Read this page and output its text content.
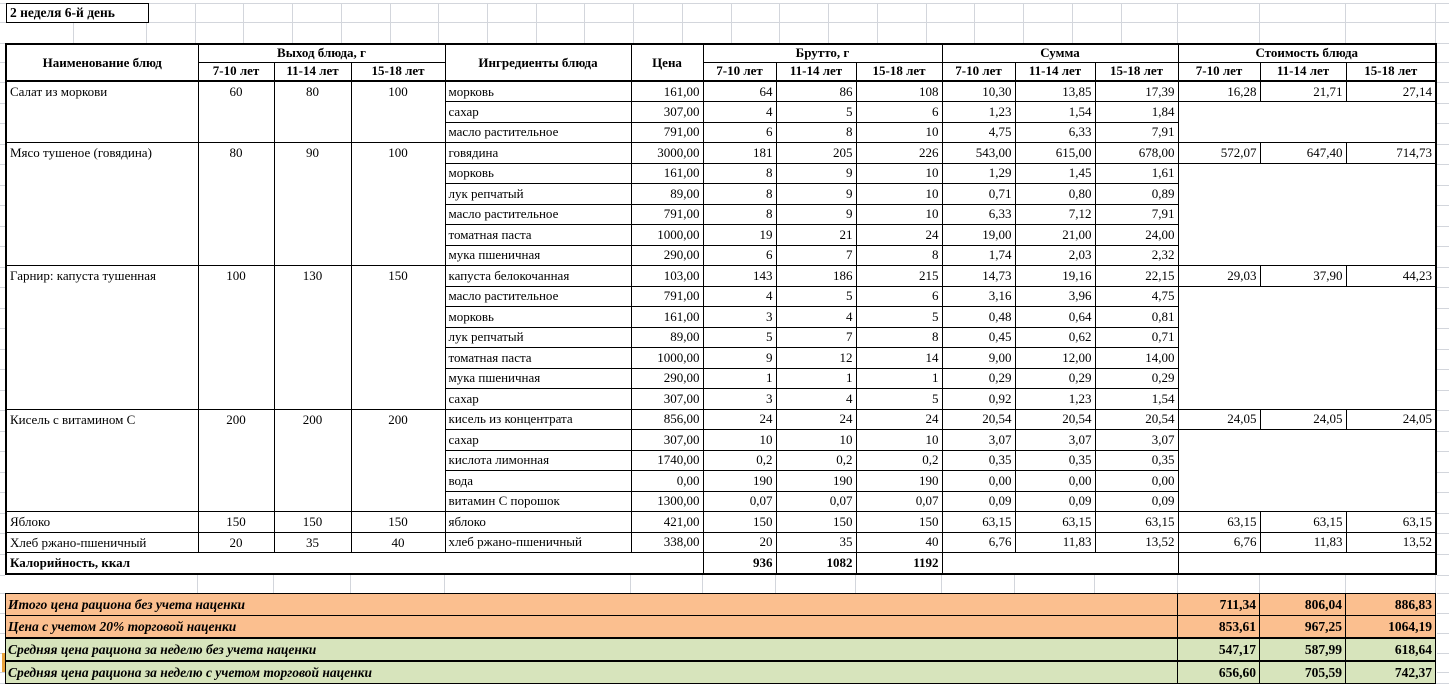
2 неделя 6-й день
Наименование блюд	Выход блюда, г			Ингредиенты блюда	Цена	Брутто, г			Сумма			Стоимость блюда		
	7-10 лет	11-14 лет	15-18 лет			7-10 лет	11-14 лет	15-18 лет	7-10 лет	11-14 лет	15-18 лет	7-10 лет	11-14 лет	15-18 лет
Салат из моркови	60	80	100	морковь	161,00	64	86	108	10,30	13,85	17,39	16,28	21,71	27,14
				сахар	307,00	4	5	6	1,23	1,54	1,84			
				масло растительное	791,00	6	8	10	4,75	6,33	7,91			
Мясо тушеное (говядина)	80	90	100	говядина	3000,00	181	205	226	543,00	615,00	678,00	572,07	647,40	714,73
				морковь	161,00	8	9	10	1,29	1,45	1,61			
				лук репчатый	89,00	8	9	10	0,71	0,80	0,89			
				масло растительное	791,00	8	9	10	6,33	7,12	7,91			
				томатная паста	1000,00	19	21	24	19,00	21,00	24,00			
				мука пшеничная	290,00	6	7	8	1,74	2,03	2,32			
Гарнир: капуста тушенная	100	130	150	капуста белокочанная	103,00	143	186	215	14,73	19,16	22,15	29,03	37,90	44,23
				масло растительное	791,00	4	5	6	3,16	3,96	4,75			
				морковь	161,00	3	4	5	0,48	0,64	0,81			
				лук репчатый	89,00	5	7	8	0,45	0,62	0,71			
				томатная паста	1000,00	9	12	14	9,00	12,00	14,00			
				мука пшеничная	290,00	1	1	1	0,29	0,29	0,29			
				сахар	307,00	3	4	5	0,92	1,23	1,54			
Кисель с витамином С	200	200	200	кисель из концентрата	856,00	24	24	24	20,54	20,54	20,54	24,05	24,05	24,05
				сахар	307,00	10	10	10	3,07	3,07	3,07			
				кислота лимонная	1740,00	0,2	0,2	0,2	0,35	0,35	0,35			
				вода	0,00	190	190	190	0,00	0,00	0,00			
				витамин С порошок	1300,00	0,07	0,07	0,07	0,09	0,09	0,09			
Яблоко	150	150	150	яблоко	421,00	150	150	150	63,15	63,15	63,15	63,15	63,15	63,15
Хлеб ржано-пшеничный	20	35	40	хлеб ржано-пшеничный	338,00	20	35	40	6,76	11,83	13,52	6,76	11,83	13,52
Калорийность, ккал						936	1082	1192						
Итого цена рациона без учета наценки	711,34	806,04	886,83
Цена с учетом 20% торговой наценки	853,61	967,25	1064,19
Средняя цена рациона за неделю без учета наценки	547,17	587,99	618,64
Средняя цена рациона за неделю с учетом торговой наценки	656,60	705,59	742,37
